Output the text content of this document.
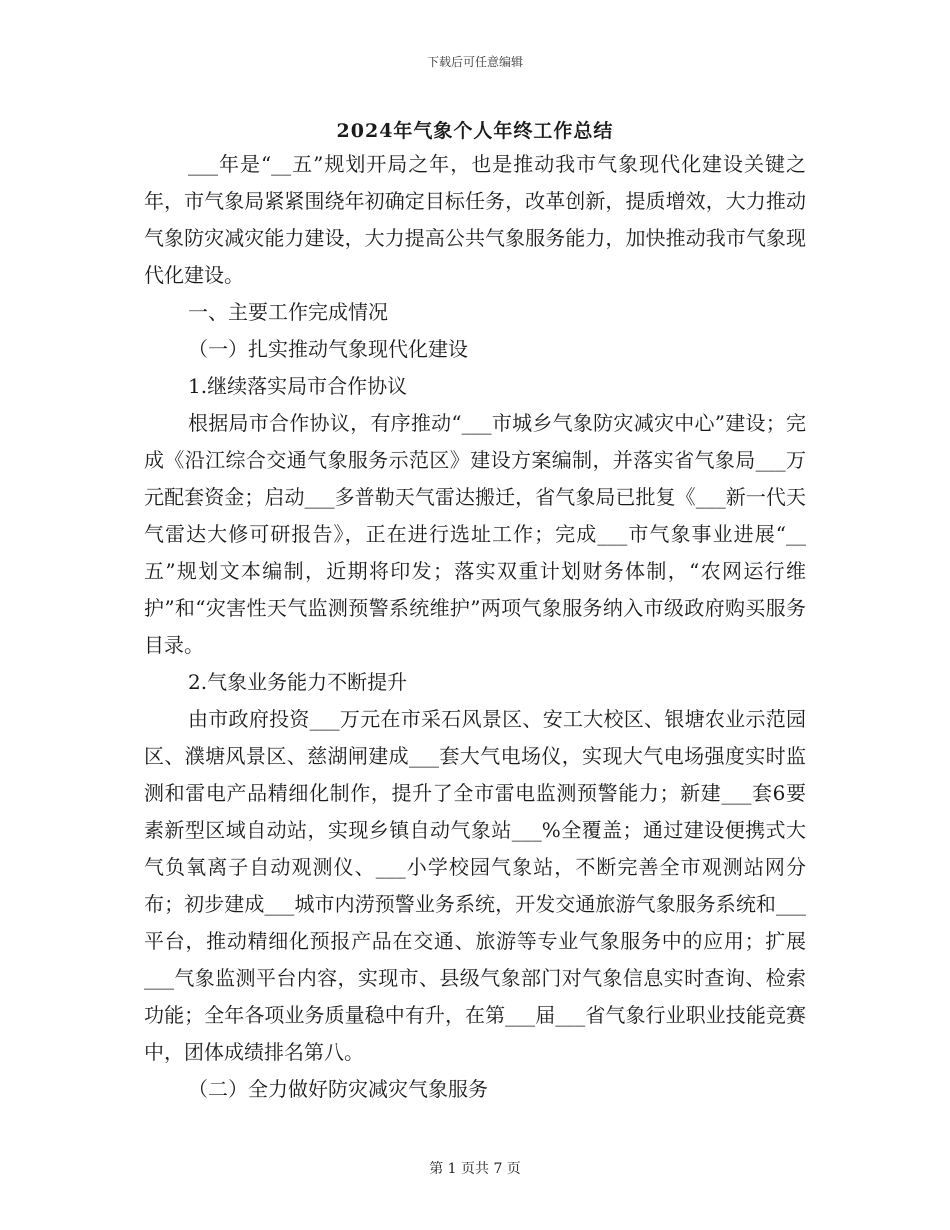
下载后可任意编辑
2024年气象个人年终工作总结

___年是“__五”规划开局之年，也是推动我市气象现代化建设关键之年，市气象局紧紧围绕年初确定目标任务，改革创新，提质增效，大力推动气象防灾减灾能力建设，大力提高公共气象服务能力，加快推动我市气象现代化建设。

一、主要工作完成情况

（一）扎实推动气象现代化建设

1.继续落实局市合作协议

根据局市合作协议，有序推动“___市城乡气象防灾减灾中心”建设；完成《沿江综合交通气象服务示范区》建设方案编制，并落实省气象局___万元配套资金；启动___多普勒天气雷达搬迁，省气象局已批复《___新一代天气雷达大修可研报告》，正在进行选址工作；完成___市气象事业进展“__五”规划文本编制，近期将印发；落实双重计划财务体制，“农网运行维护”和“灾害性天气监测预警系统维护”两项气象服务纳入市级政府购买服务目录。

2.气象业务能力不断提升

由市政府投资___万元在市采石风景区、安工大校区、银塘农业示范园区、濮塘风景区、慈湖闸建成___套大气电场仪，实现大气电场强度实时监测和雷电产品精细化制作，提升了全市雷电监测预警能力；新建___套6要素新型区域自动站，实现乡镇自动气象站___%全覆盖；通过建设便携式大气负氧离子自动观测仪、___小学校园气象站，不断完善全市观测站网分布；初步建成___城市内涝预警业务系统，开发交通旅游气象服务系统和___平台，推动精细化预报产品在交通、旅游等专业气象服务中的应用；扩展___气象监测平台内容，实现市、县级气象部门对气象信息实时查询、检索功能；全年各项业务质量稳中有升，在第___届___省气象行业职业技能竞赛中，团体成绩排名第八。

（二）全力做好防灾减灾气象服务

第 1 页共 7 页
